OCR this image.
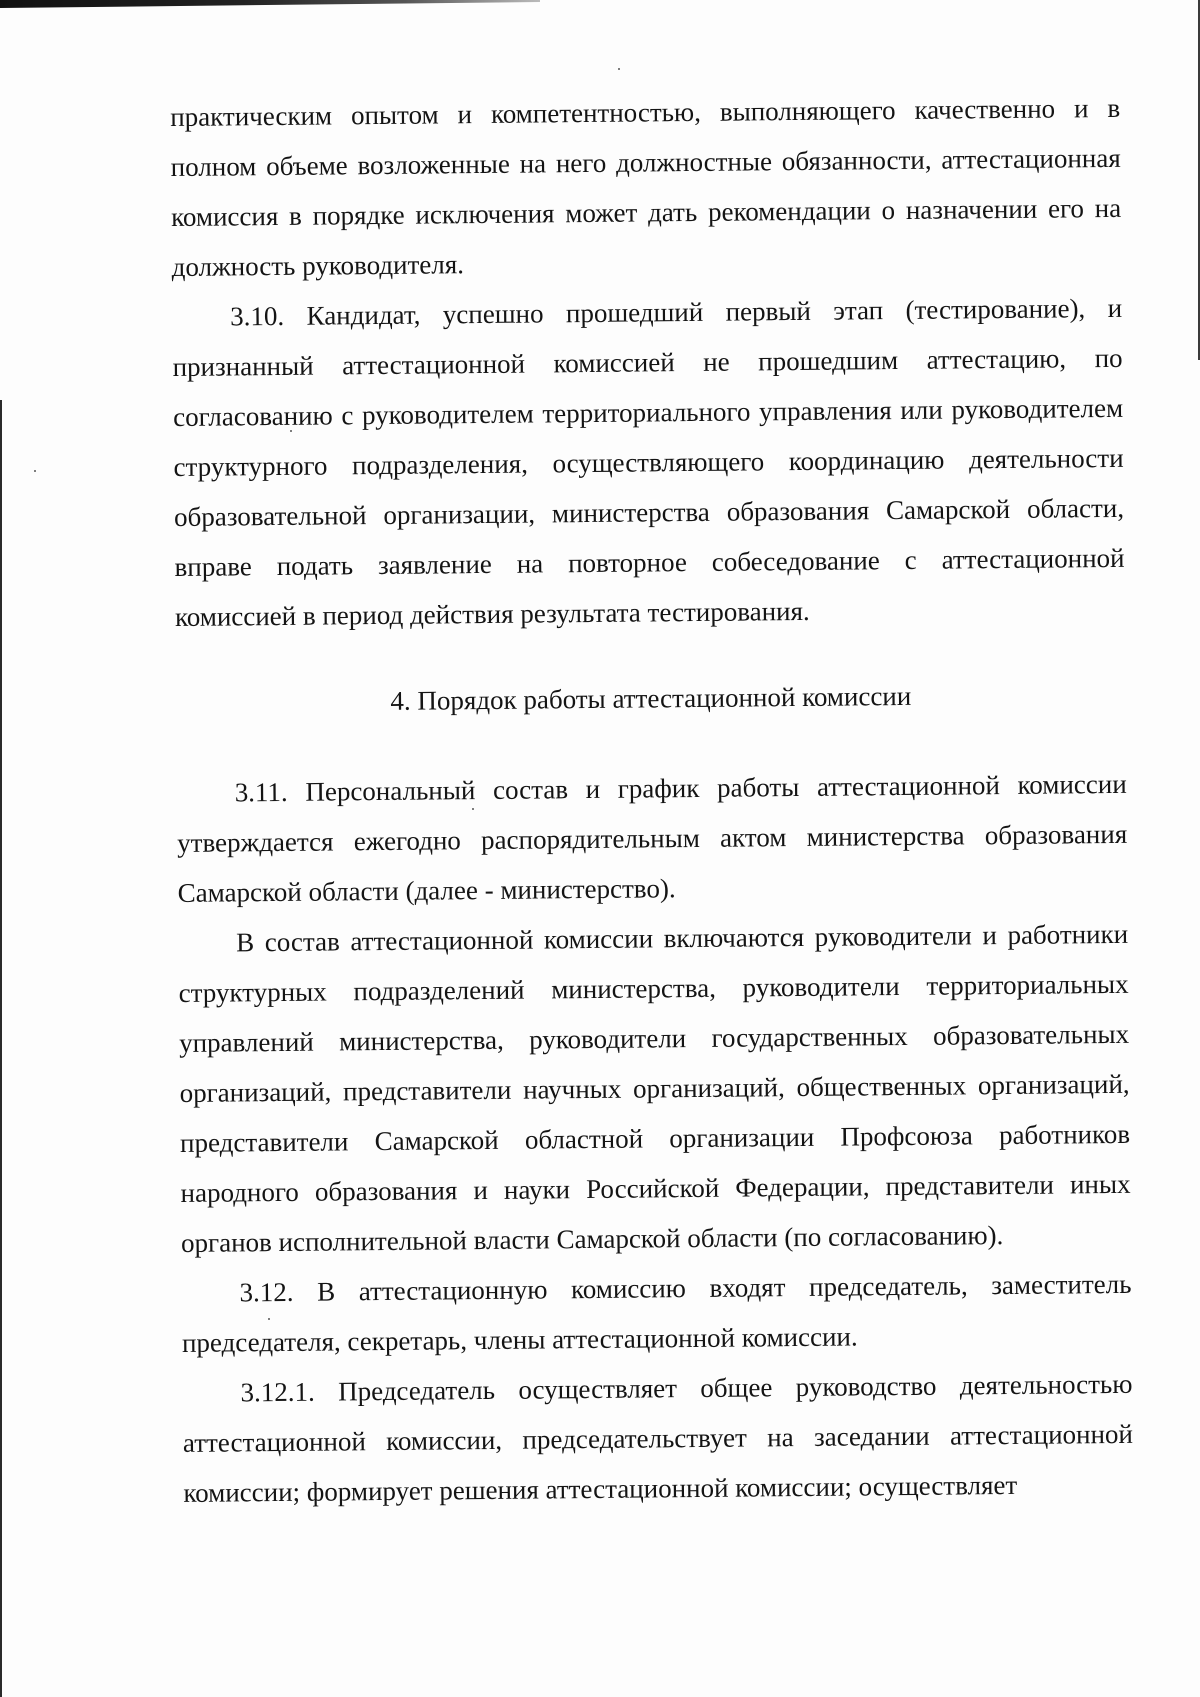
практическим опытом и компетентностью, выполняющего качественно и в полном объеме возложенные на него должностные обязанности, аттестационная комиссия в порядке исключения может дать рекомендации о назначении его на должность руководителя.

3.10. Кандидат, успешно прошедший первый этап (тестирование), и признанный аттестационной комиссией не прошедшим аттестацию, по согласованию с руководителем территориального управления или руководителем структурного подразделения, осуществляющего координацию деятельности образовательной организации, министерства образования Самарской области, вправе подать заявление на повторное собеседование с аттестационной комиссией в период действия результата тестирования.

4. Порядок работы аттестационной комиссии

3.11. Персональный состав и график работы аттестационной комиссии утверждается ежегодно распорядительным актом министерства образования Самарской области (далее - министерство).

В состав аттестационной комиссии включаются руководители и работники структурных подразделений министерства, руководители территориальных управлений министерства, руководители государственных образовательных организаций, представители научных организаций, общественных организаций, представители Самарской областной организации Профсоюза работников народного образования и науки Российской Федерации, представители иных органов исполнительной власти Самарской области (по согласованию).

3.12. В аттестационную комиссию входят председатель, заместитель председателя, секретарь, члены аттестационной комиссии.

3.12.1. Председатель осуществляет общее руководство деятельностью аттестационной комиссии, председательствует на заседании аттестационной комиссии; формирует решения аттестационной комиссии; осуществляет
